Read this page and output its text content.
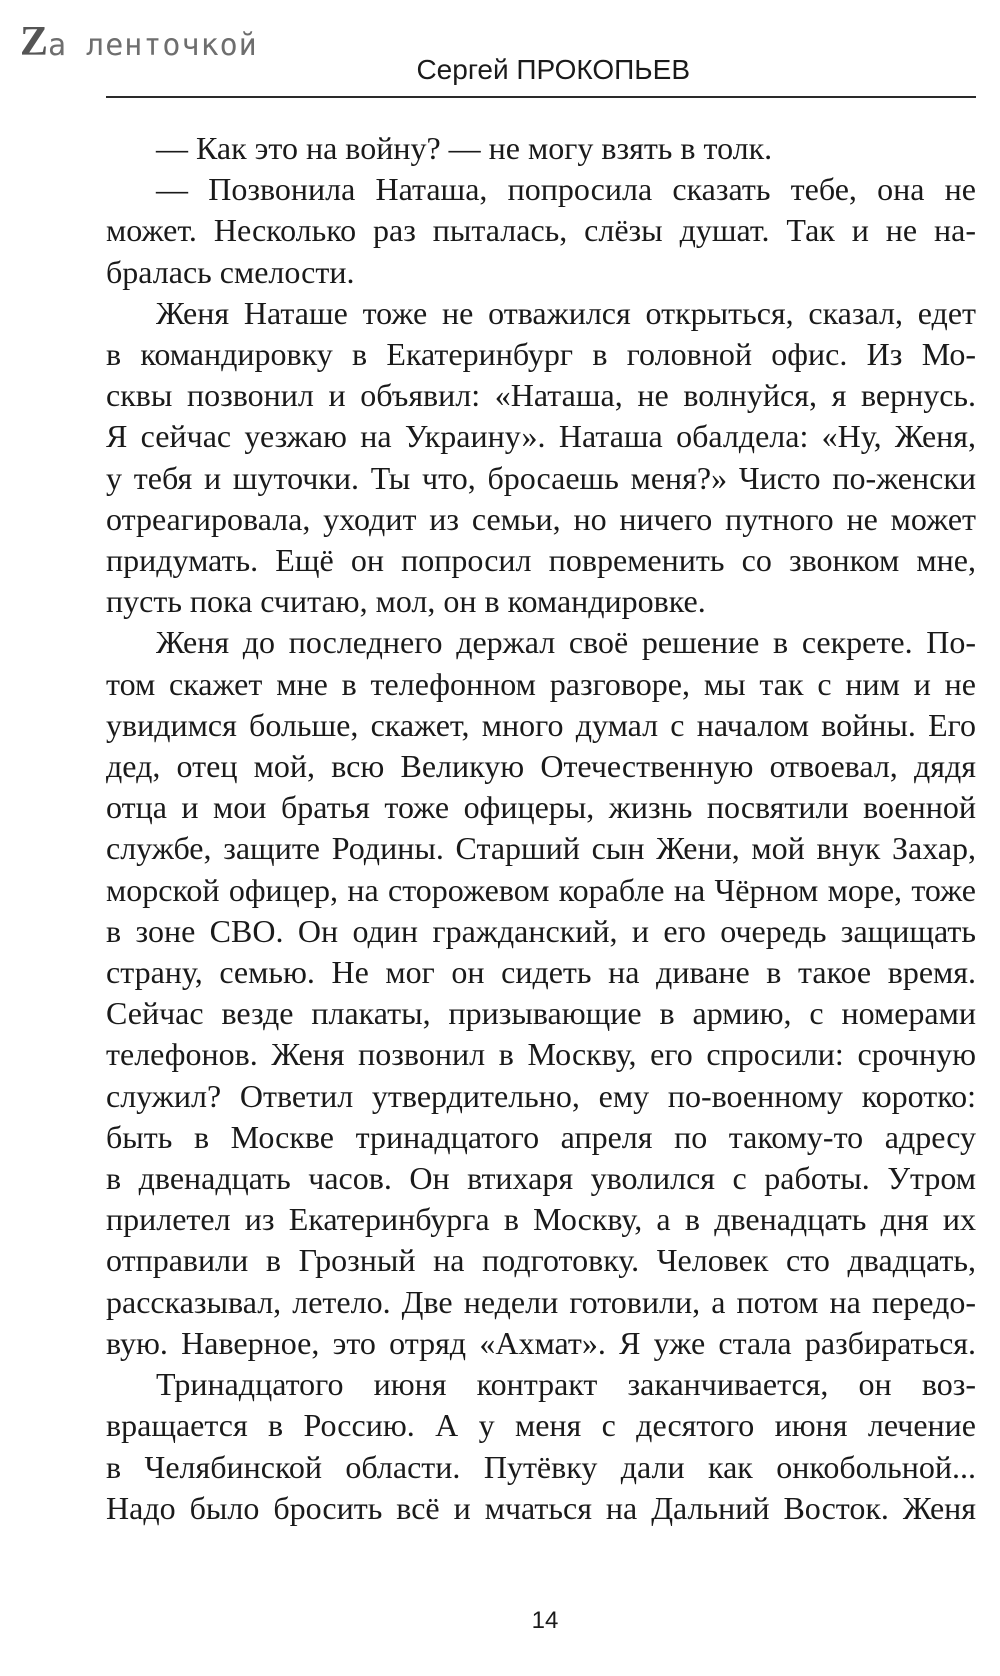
Zа ленточкой
Сергей ПРОКОПЬЕВ

— Как это на войну? — не могу взять в толк.

— Позвонила Наташа, попросила сказать тебе, она не

может. Несколько раз пыталась, слёзы душат. Так и не на-

бралась смелости.

Женя Наташе тоже не отважился открыться, сказал, едет

в командировку в Екатеринбург в головной офис. Из Мо-

сквы позвонил и объявил: «Наташа, не волнуйся, я вернусь.

Я сейчас уезжаю на Украину». Наташа обалдела: «Ну, Женя,

у тебя и шуточки. Ты что, бросаешь меня?» Чисто по-женски

отреагировала, уходит из семьи, но ничего путного не может

придумать. Ещё он попросил повременить со звонком мне,

пусть пока считаю, мол, он в командировке.

Женя до последнего держал своё решение в секрете. По-

том скажет мне в телефонном разговоре, мы так с ним и не

увидимся больше, скажет, много думал с началом войны. Его

дед, отец мой, всю Великую Отечественную отвоевал, дядя

отца и мои братья тоже офицеры, жизнь посвятили военной

службе, защите Родины. Старший сын Жени, мой внук Захар,

морской офицер, на сторожевом корабле на Чёрном море, тоже

в зоне СВО. Он один гражданский, и его очередь защищать

страну, семью. Не мог он сидеть на диване в такое время.

Сейчас везде плакаты, призывающие в армию, с номерами

телефонов. Женя позвонил в Москву, его спросили: срочную

служил? Ответил утвердительно, ему по-военному коротко:

быть в Москве тринадцатого апреля по такому-то адресу

в двенадцать часов. Он втихаря уволился с работы. Утром

прилетел из Екатеринбурга в Москву, а в двенадцать дня их

отправили в Грозный на подготовку. Человек сто двадцать,

рассказывал, летело. Две недели готовили, а потом на передо-

вую. Наверное, это отряд «Ахмат». Я уже стала разбираться.

Тринадцатого июня контракт заканчивается, он воз-

вращается в Россию. А у меня с десятого июня лечение

в Челябинской области. Путёвку дали как онкобольной...

Надо было бросить всё и мчаться на Дальний Восток. Женя

14
